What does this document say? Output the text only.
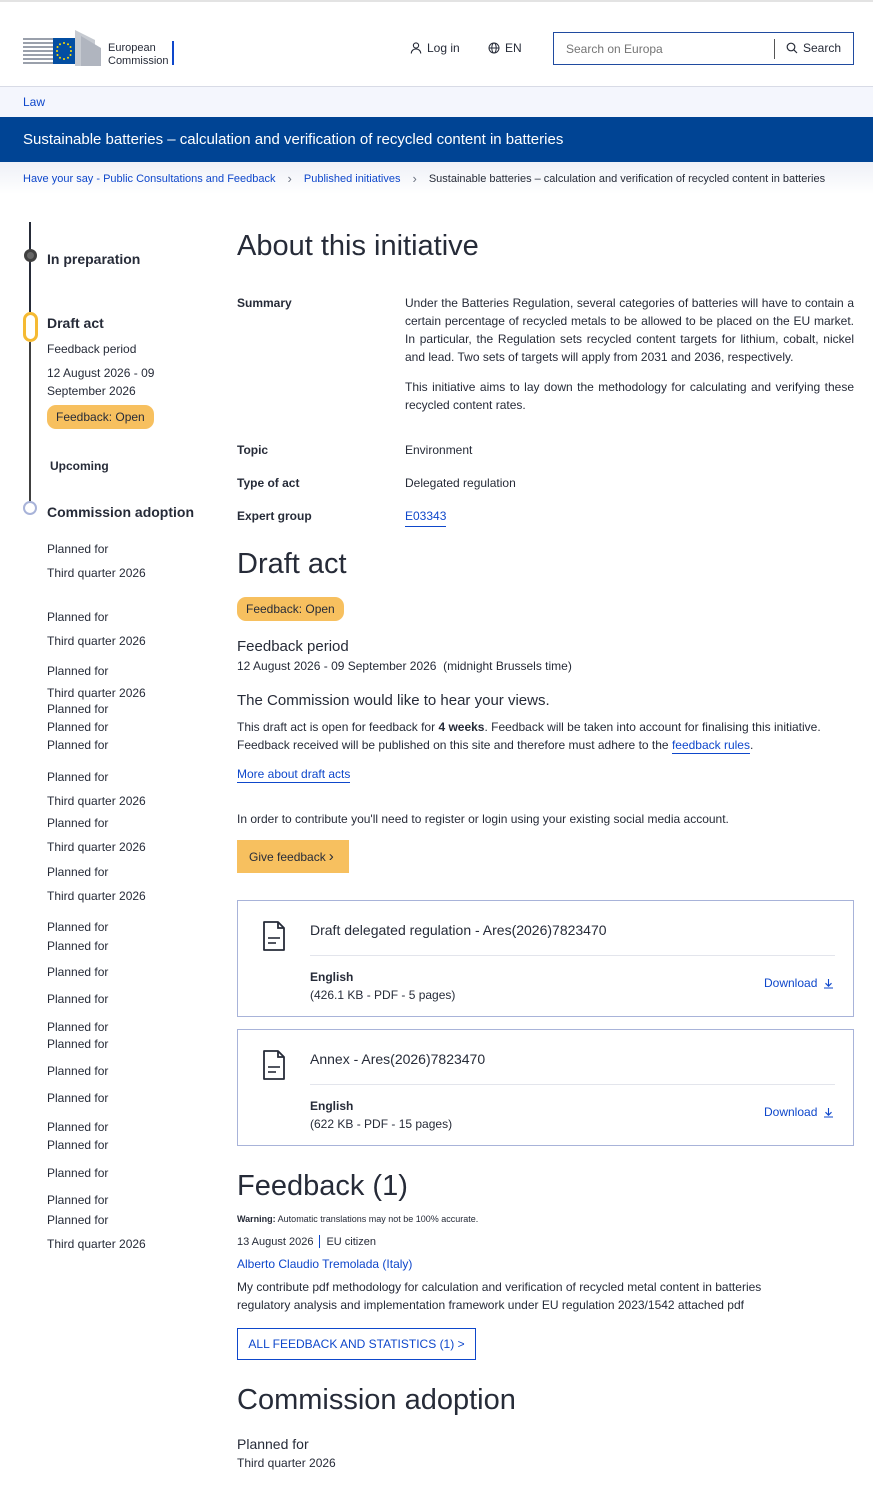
European
Commission
Log in	EN
Search on Europa	Search
Law
Sustainable batteries – calculation and verification of recycled content in batteries
Have your say - Public Consultations and Feedback › Published initiatives › Sustainable batteries – calculation and verification of recycled content in batteries
In preparation
Draft act
Feedback period
12 August 2026 - 09
September 2026
Feedback: Open
Upcoming
Commission adoption
Planned for
Third quarter 2026
Planned for
Third quarter 2026
Planned for
Third quarter 2026
Planned for
Planned for
Planned for
Planned for
Third quarter 2026
Planned for
Third quarter 2026
Planned for
Third quarter 2026
Planned for
Planned for
Planned for
Planned for
Planned for
Planned for
Planned for
Planned for
Planned for
Planned for
Planned for
Planned for
Planned for
Third quarter 2026
About this initiative
Summary	Under the Batteries Regulation, several categories of batteries will have to contain a certain percentage of recycled metals to be allowed to be placed on the EU market. In particular, the Regulation sets recycled content targets for lithium, cobalt, nickel and lead. Two sets of targets will apply from 2031 and 2036, respectively.

This initiative aims to lay down the methodology for calculating and verifying these recycled content rates.

Topic	Environment
Type of act	Delegated regulation
Expert group	E03343
Draft act
Feedback: Open
Feedback period
12 August 2026 - 09 September 2026  (midnight Brussels time)
The Commission would like to hear your views.
This draft act is open for feedback for 4 weeks. Feedback will be taken into account for finalising this initiative.
Feedback received will be published on this site and therefore must adhere to the feedback rules.
More about draft acts
In order to contribute you'll need to register or login using your existing social media account.
Give feedback ›
Draft delegated regulation - Ares(2026)7823470
English
(426.1 KB - PDF - 5 pages)
Download
Annex - Ares(2026)7823470
English
(622 KB - PDF - 15 pages)
Download
Feedback (1)
Warning: Automatic translations may not be 100% accurate.
13 August 2026 EU citizen
Alberto Claudio Tremolada (Italy)
My contribute pdf methodology for calculation and verification of recycled metal content in batteries
regulatory analysis and implementation framework under EU regulation 2023/1542 attached pdf
ALL FEEDBACK AND STATISTICS (1) >
Commission adoption
Planned for
Third quarter 2026
